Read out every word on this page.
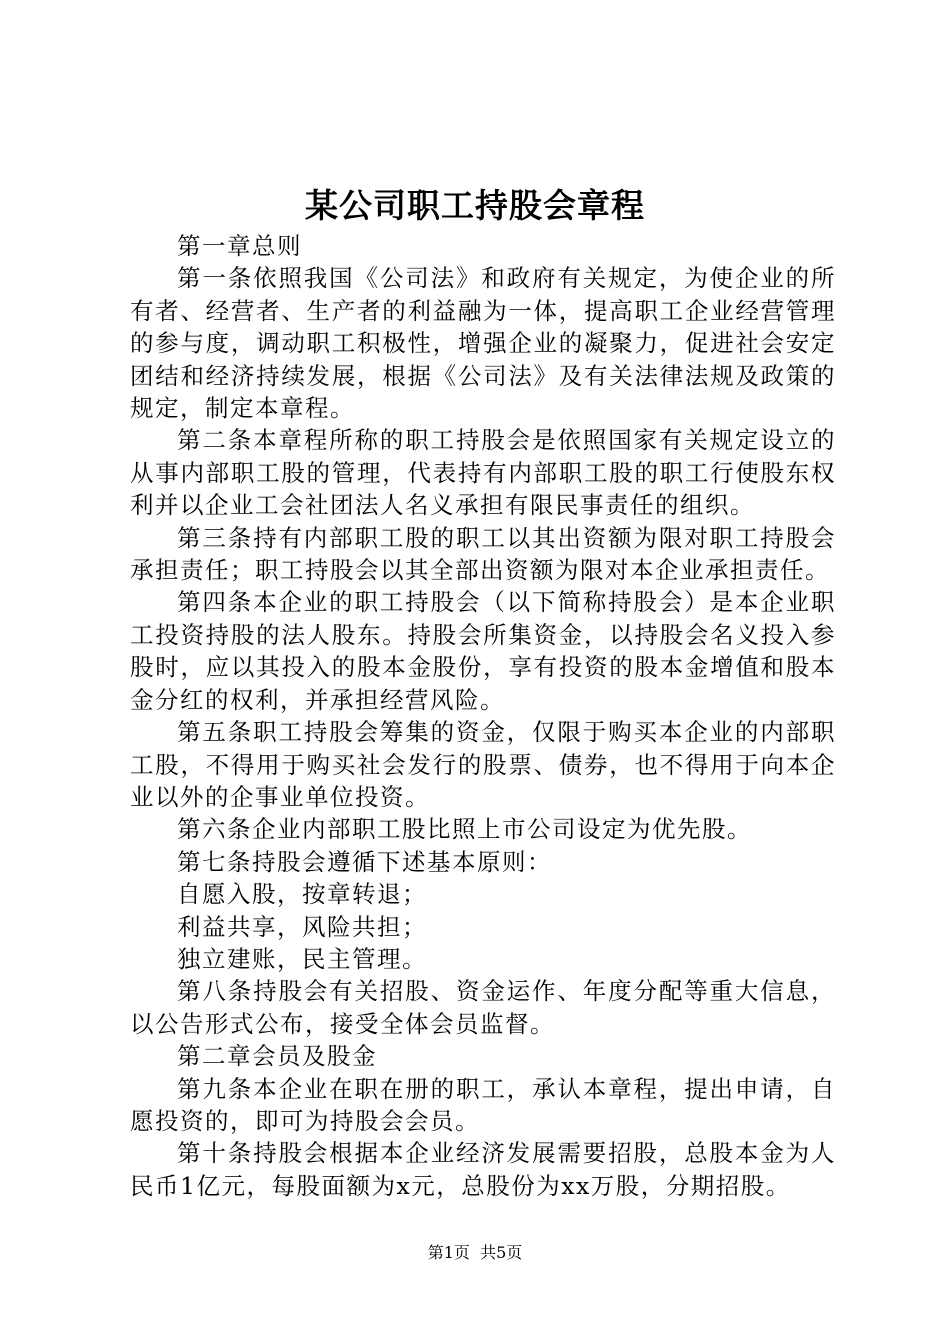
某公司职工持股会章程

第一章总则

第一条依照我国《公司法》和政府有关规定，为使企业的所有者、经营者、生产者的利益融为一体，提高职工企业经营管理的参与度，调动职工积极性，增强企业的凝聚力，促进社会安定团结和经济持续发展，根据《公司法》及有关法律法规及政策的规定，制定本章程。

第二条本章程所称的职工持股会是依照国家有关规定设立的从事内部职工股的管理，代表持有内部职工股的职工行使股东权利并以企业工会社团法人名义承担有限民事责任的组织。

第三条持有内部职工股的职工以其出资额为限对职工持股会承担责任；职工持股会以其全部出资额为限对本企业承担责任。

第四条本企业的职工持股会（以下简称持股会）是本企业职工投资持股的法人股东。持股会所集资金，以持股会名义投入参股时，应以其投入的股本金股份，享有投资的股本金增值和股本金分红的权利，并承担经营风险。

第五条职工持股会筹集的资金，仅限于购买本企业的内部职工股，不得用于购买社会发行的股票、债券，也不得用于向本企业以外的企事业单位投资。

第六条企业内部职工股比照上市公司设定为优先股。

第七条持股会遵循下述基本原则：

自愿入股，按章转退；

利益共享，风险共担；

独立建账，民主管理。

第八条持股会有关招股、资金运作、年度分配等重大信息，以公告形式公布，接受全体会员监督。

第二章会员及股金

第九条本企业在职在册的职工，承认本章程，提出申请，自愿投资的，即可为持股会会员。

第十条持股会根据本企业经济发展需要招股，总股本金为人民币1亿元，每股面额为x元，总股份为xx万股，分期招股。

第1页 共5页
